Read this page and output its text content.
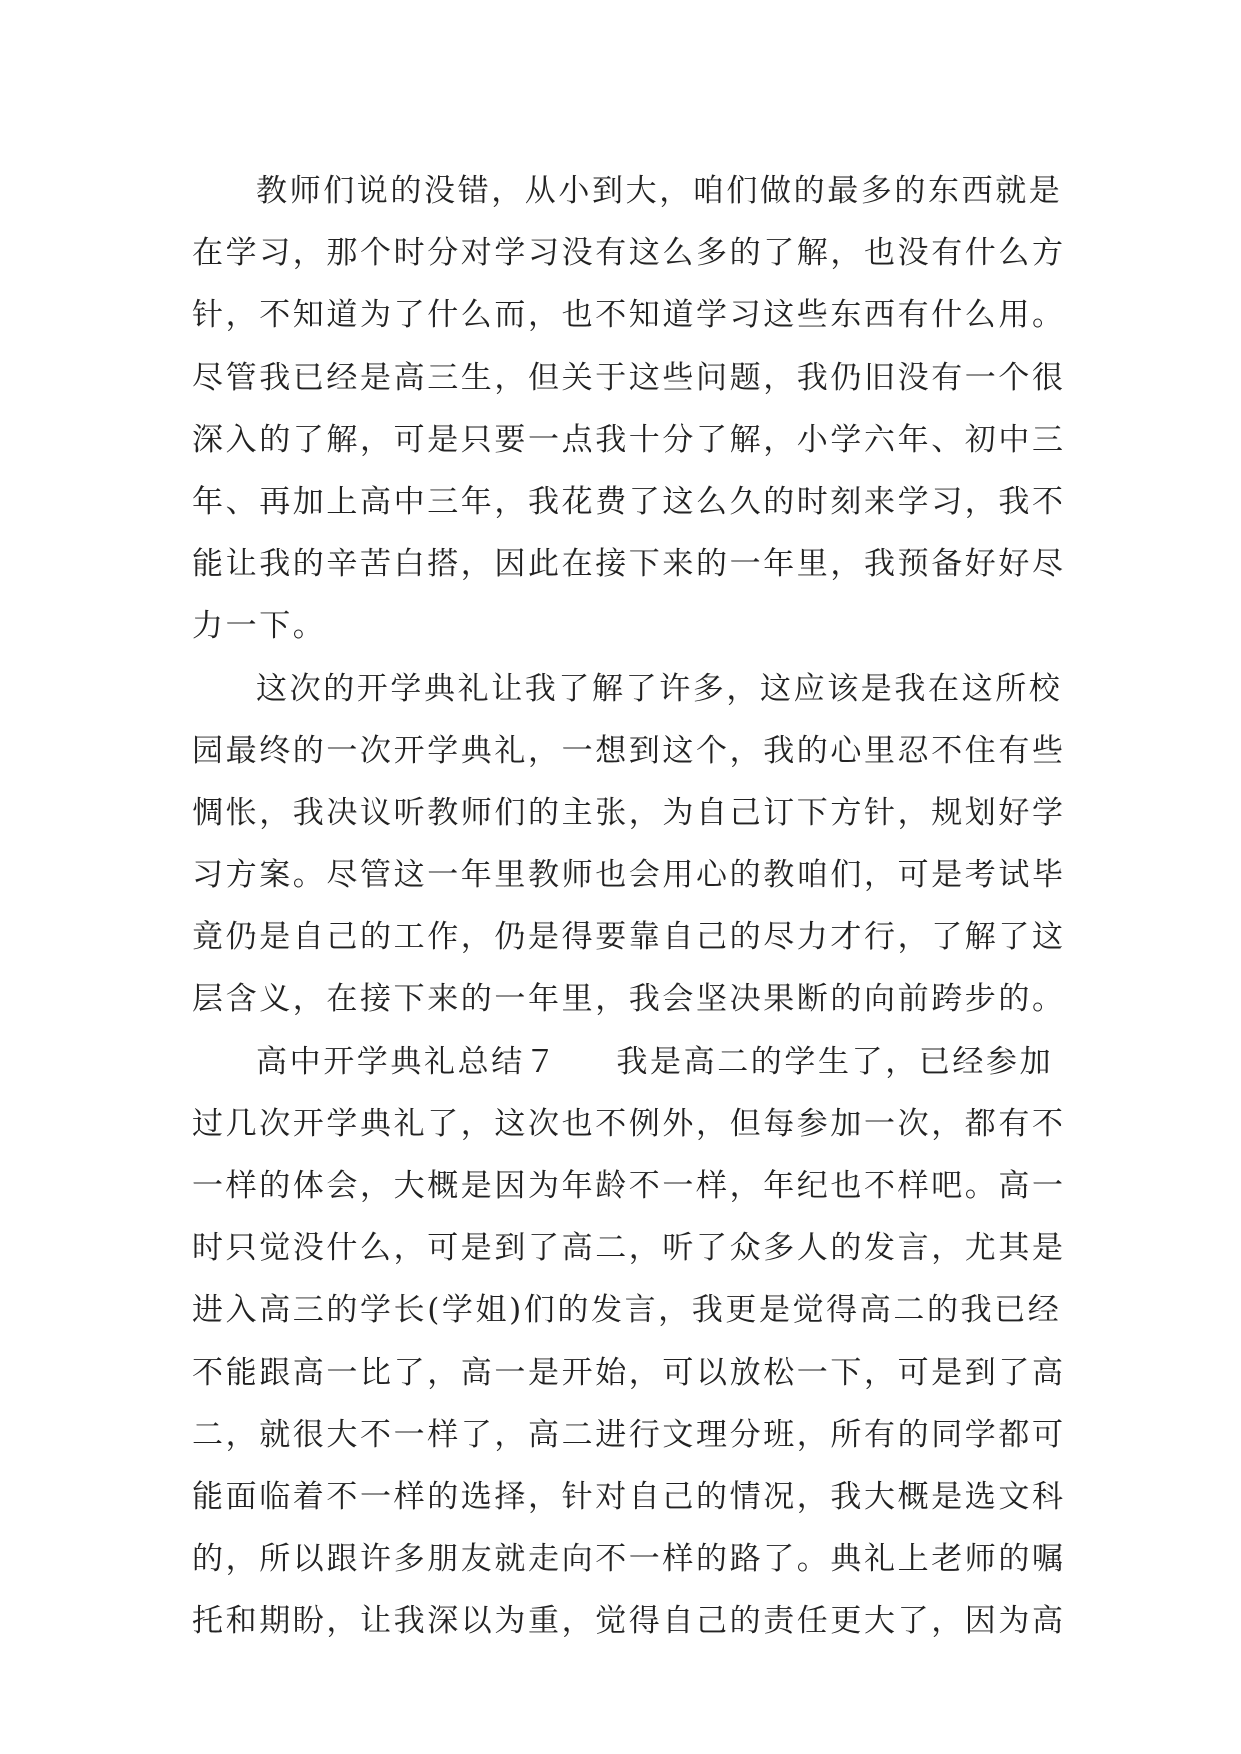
教师们说的没错，从小到大，咱们做的最多的东西就是
在学习，那个时分对学习没有这么多的了解，也没有什么方
针，不知道为了什么而，也不知道学习这些东西有什么用。
尽管我已经是高三生，但关于这些问题，我仍旧没有一个很
深入的了解，可是只要一点我十分了解，小学六年、初中三
年、再加上高中三年，我花费了这么久的时刻来学习，我不
能让我的辛苦白搭，因此在接下来的一年里，我预备好好尽
力一下。
这次的开学典礼让我了解了许多，这应该是我在这所校
园最终的一次开学典礼，一想到这个，我的心里忍不住有些
惆怅，我决议听教师们的主张，为自己订下方针，规划好学
习方案。尽管这一年里教师也会用心的教咱们，可是考试毕
竟仍是自己的工作，仍是得要靠自己的尽力才行，了解了这
层含义，在接下来的一年里，我会坚决果断的向前跨步的。
高中开学典礼总结７ 我是高二的学生了，已经参加
过几次开学典礼了，这次也不例外，但每参加一次，都有不
一样的体会，大概是因为年龄不一样，年纪也不样吧。高一
时只觉没什么，可是到了高二，听了众多人的发言，尤其是
进入高三的学长(学姐)们的发言，我更是觉得高二的我已经
不能跟高一比了，高一是开始，可以放松一下，可是到了高
二，就很大不一样了，高二进行文理分班，所有的同学都可
能面临着不一样的选择，针对自己的情况，我大概是选文科
的，所以跟许多朋友就走向不一样的路了。典礼上老师的嘱
托和期盼，让我深以为重，觉得自己的责任更大了，因为高
